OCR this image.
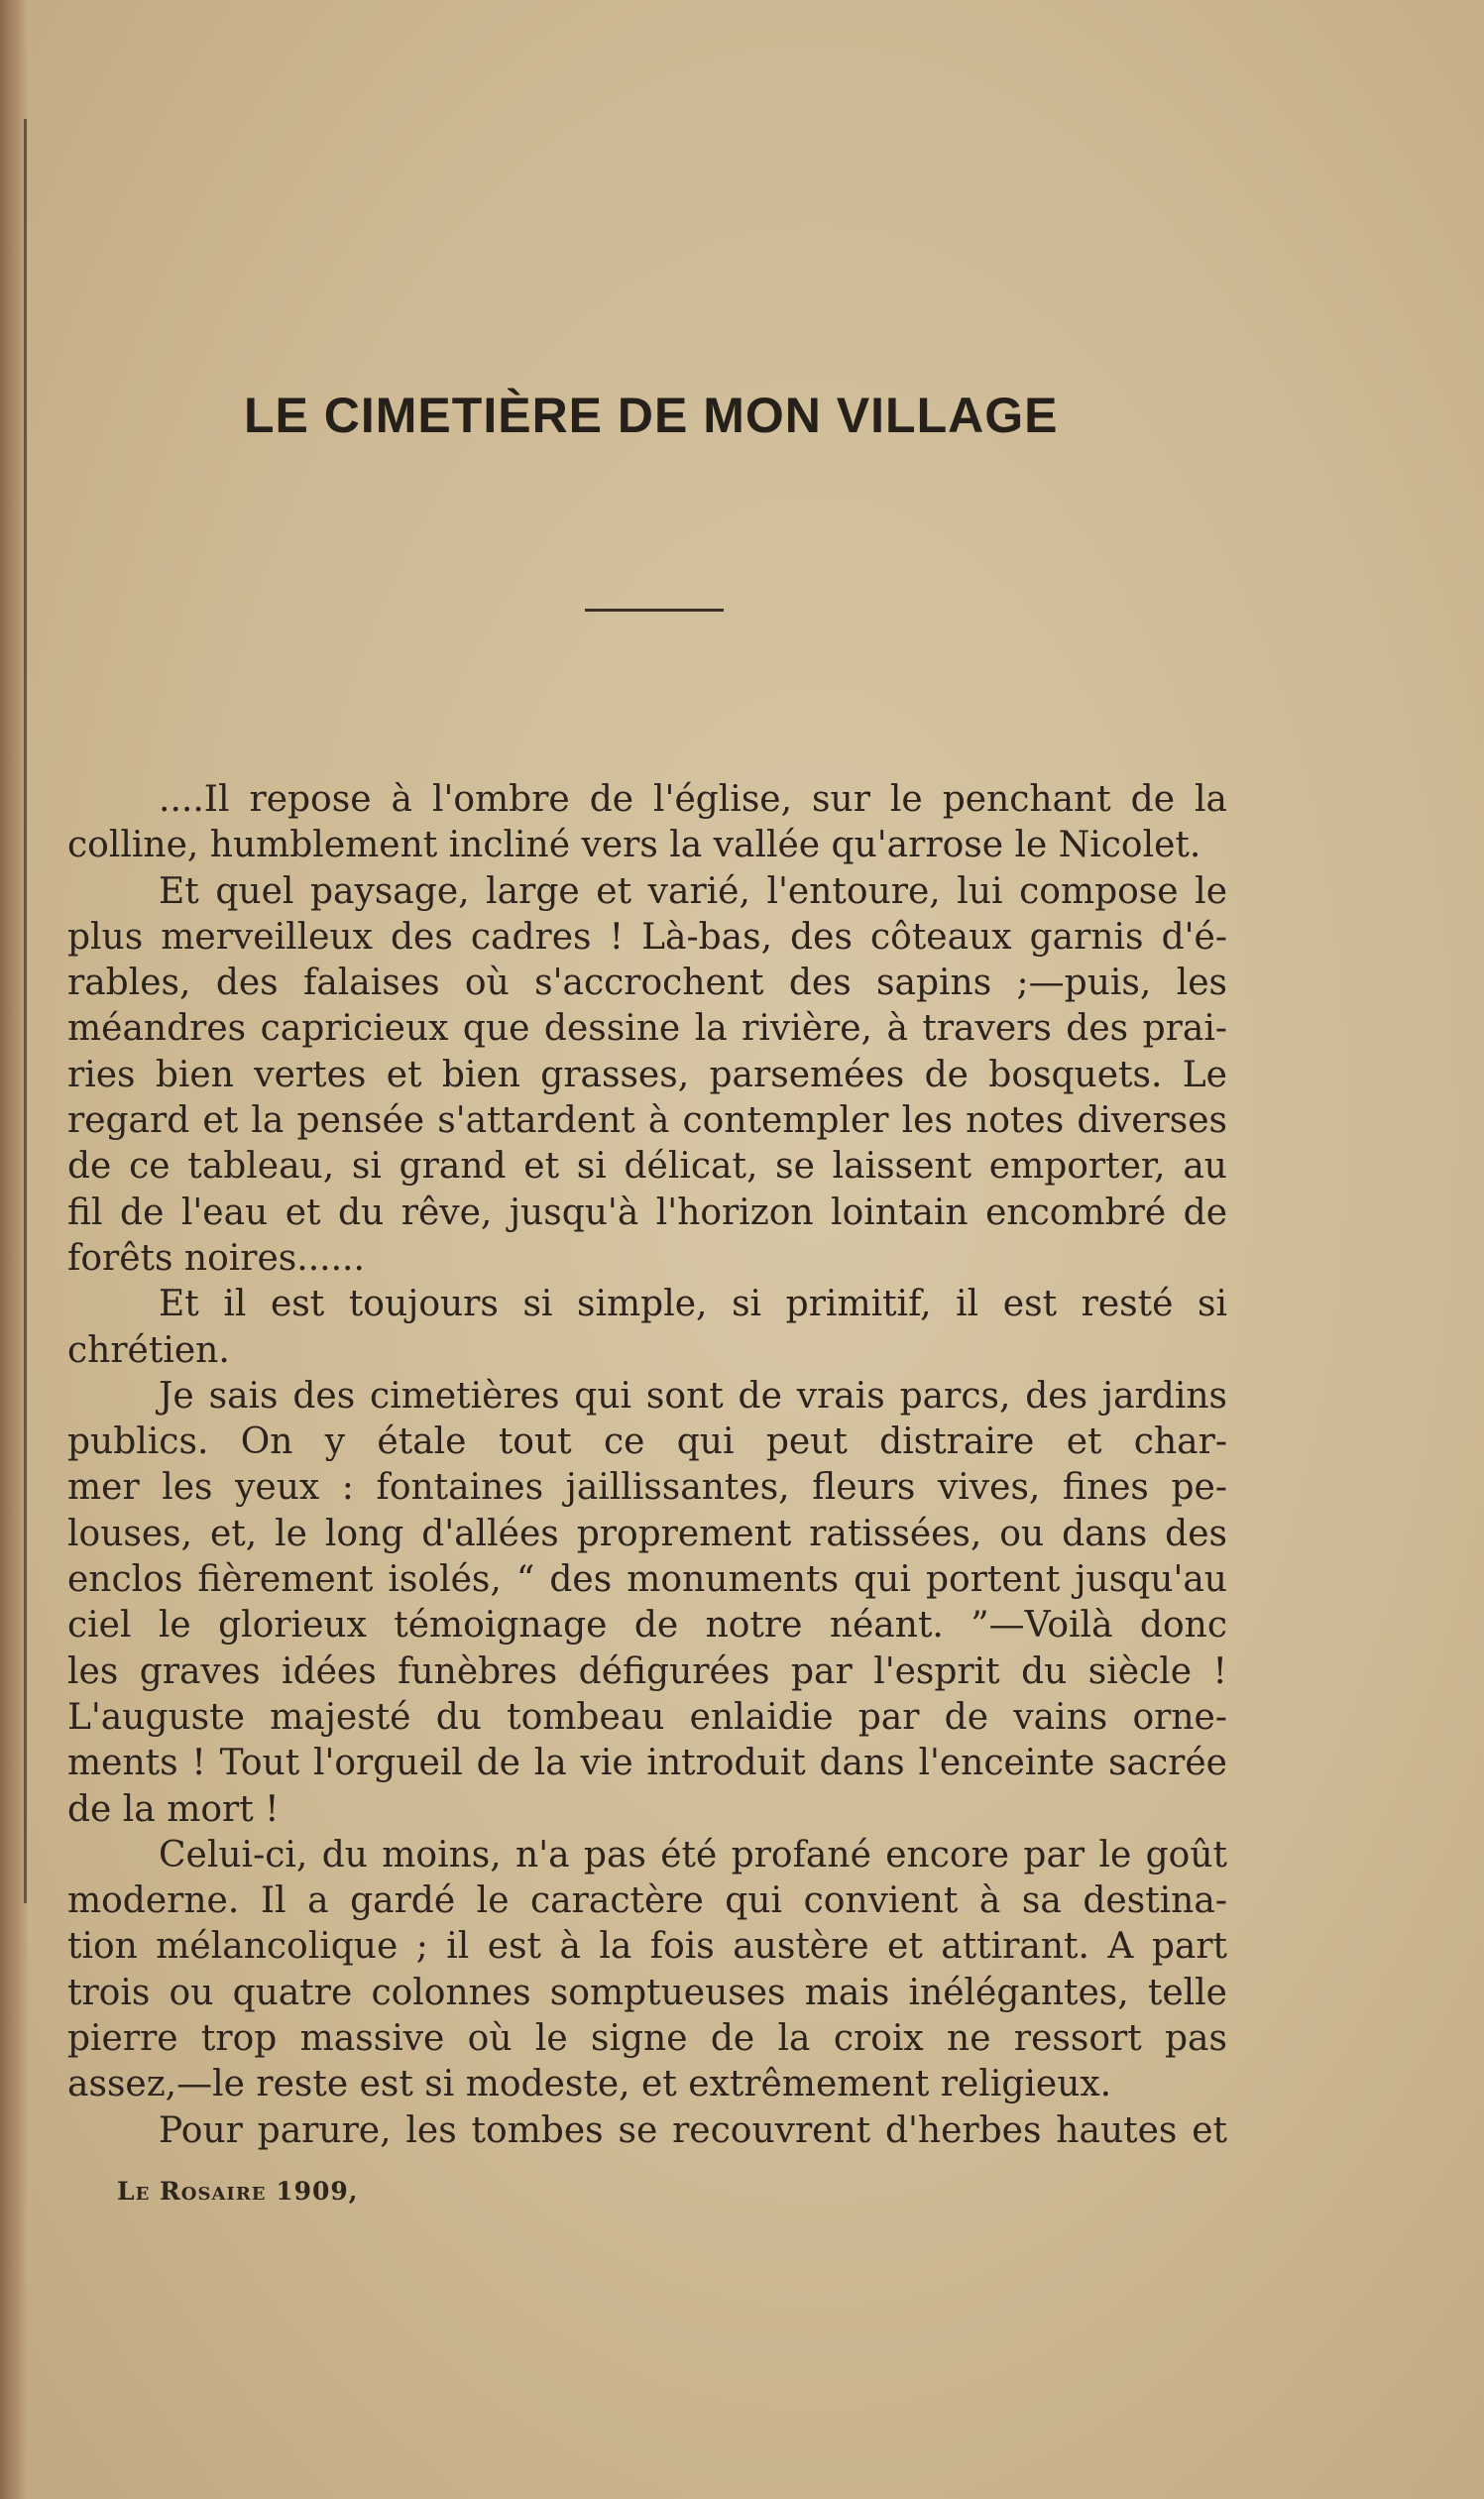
LE CIMETIÈRE DE MON VILLAGE
....Il repose à l'ombre de l'église, sur le penchant de la
colline, humblement incliné vers la vallée qu'arrose le Nicolet.
Et quel paysage, large et varié, l'entoure, lui compose le
plus merveilleux des cadres ! Là-bas, des côteaux garnis d'é-
rables, des falaises où s'accrochent des sapins ;—puis, les
méandres capricieux que dessine la rivière, à travers des prai-
ries bien vertes et bien grasses, parsemées de bosquets. Le
regard et la pensée s'attardent à contempler les notes diverses
de ce tableau, si grand et si délicat, se laissent emporter, au
fil de l'eau et du rêve, jusqu'à l'horizon lointain encombré de
forêts noires......
Et il est toujours si simple, si primitif, il est resté si
chrétien.
Je sais des cimetières qui sont de vrais parcs, des jardins
publics. On y étale tout ce qui peut distraire et char-
mer les yeux : fontaines jaillissantes, fleurs vives, fines pe-
louses, et, le long d'allées proprement ratissées, ou dans des
enclos fièrement isolés, “ des monuments qui portent jusqu'au
ciel le glorieux témoignage de notre néant. ”—Voilà donc
les graves idées funèbres défigurées par l'esprit du siècle !
L'auguste majesté du tombeau enlaidie par de vains orne-
ments ! Tout l'orgueil de la vie introduit dans l'enceinte sacrée
de la mort !
Celui-ci, du moins, n'a pas été profané encore par le goût
moderne. Il a gardé le caractère qui convient à sa destina-
tion mélancolique ; il est à la fois austère et attirant. A part
trois ou quatre colonnes somptueuses mais inélégantes, telle
pierre trop massive où le signe de la croix ne ressort pas
assez,—le reste est si modeste, et extrêmement religieux.
Pour parure, les tombes se recouvrent d'herbes hautes et
Le Rosaire 1909,
